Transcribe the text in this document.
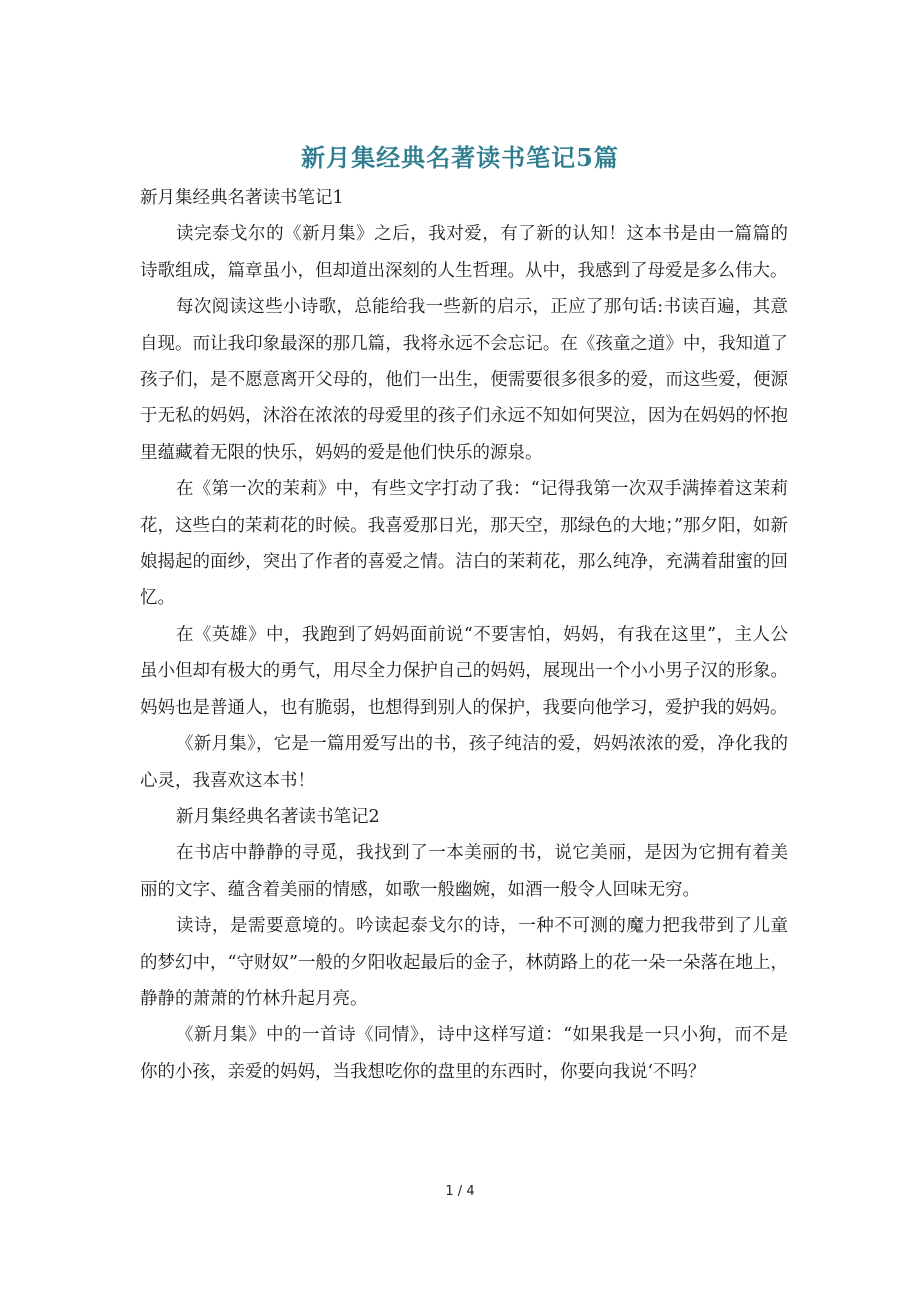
新月集经典名著读书笔记5篇

新月集经典名著读书笔记1

读完泰戈尔的《新月集》之后，我对爱，有了新的认知！这本书是由一篇篇的诗歌组成，篇章虽小，但却道出深刻的人生哲理。从中，我感到了母爱是多么伟大。

每次阅读这些小诗歌，总能给我一些新的启示，正应了那句话:书读百遍，其意自现。而让我印象最深的那几篇，我将永远不会忘记。在《孩童之道》中，我知道了孩子们，是不愿意离开父母的，他们一出生，便需要很多很多的爱，而这些爱，便源于无私的妈妈，沐浴在浓浓的母爱里的孩子们永远不知如何哭泣，因为在妈妈的怀抱里蕴藏着无限的快乐，妈妈的爱是他们快乐的源泉。

在《第一次的茉莉》中，有些文字打动了我：“记得我第一次双手满捧着这茉莉花，这些白的茉莉花的时候。我喜爱那日光，那天空，那绿色的大地；”那夕阳，如新娘揭起的面纱，突出了作者的喜爱之情。洁白的茉莉花，那么纯净，充满着甜蜜的回忆。

在《英雄》中，我跑到了妈妈面前说“不要害怕，妈妈，有我在这里”，主人公虽小但却有极大的勇气，用尽全力保护自己的妈妈，展现出一个小小男子汉的形象。妈妈也是普通人，也有脆弱，也想得到别人的保护，我要向他学习，爱护我的妈妈。

《新月集》，它是一篇用爱写出的书，孩子纯洁的爱，妈妈浓浓的爱，净化我的心灵，我喜欢这本书！

新月集经典名著读书笔记2

在书店中静静的寻觅，我找到了一本美丽的书，说它美丽，是因为它拥有着美丽的文字、蕴含着美丽的情感，如歌一般幽婉，如酒一般令人回味无穷。

读诗，是需要意境的。吟读起泰戈尔的诗，一种不可测的魔力把我带到了儿童的梦幻中，“守财奴”一般的夕阳收起最后的金子，林荫路上的花一朵一朵落在地上，静静的萧萧的竹林升起月亮。

《新月集》中的一首诗《同情》，诗中这样写道：“如果我是一只小狗，而不是你的小孩，亲爱的妈妈，当我想吃你的盘里的东西时，你要向我说‘不吗？

1 / 4
